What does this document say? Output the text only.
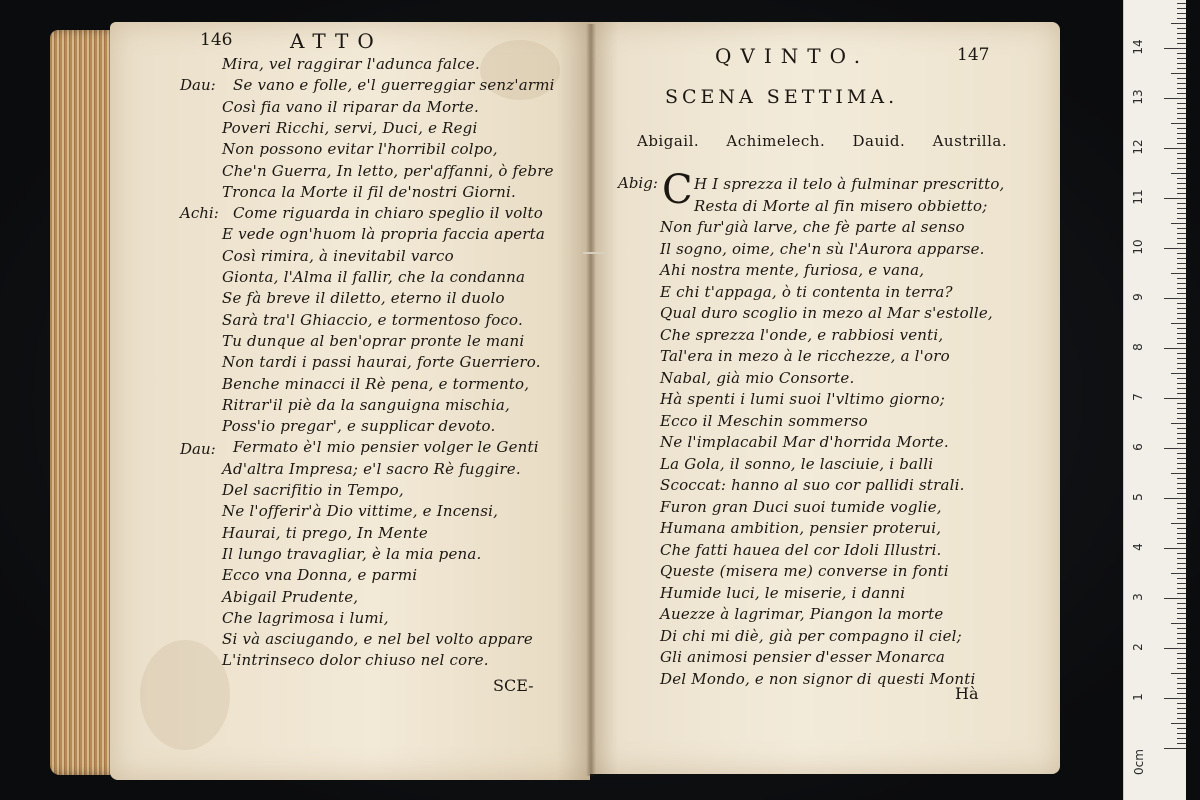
146	ATTO
Dau:
Achi:
Dau:
Mira, vel raggirar l'adunca falce.
Se vano e folle, e'l guerreggiar senz'armi
Così fia vano il riparar da Morte.
Poveri Ricchi, servi, Duci, e Regi
Non possono evitar l'horribil colpo,
Che'n Guerra, In letto, per'affanni, ò febre
Tronca la Morte il fil de'nostri Giorni.
Come riguarda in chiaro speglio il volto
E vede ogn'huom là propria faccia aperta
Così rimira, à inevitabil varco
Gionta, l'Alma il fallir, che la condanna
Se fà breve il diletto, eterno il duolo
Sarà tra'l Ghiaccio, e tormentoso foco.
Tu dunque al ben'oprar pronte le mani
Non tardi i passi haurai, forte Guerriero.
Benche minacci il Rè pena, e tormento,
Ritrar'il piè da la sanguigna mischia,
Poss'io pregar', e supplicar devoto.
Fermato è'l mio pensier volger le Genti
Ad'altra Impresa; e'l sacro Rè fuggire.
Del sacrifitio in Tempo,
Ne l'offerir'à Dio vittime, e Incensi,
Haurai, ti prego, In Mente
Il lungo travagliar, è la mia pena.
Ecco vna Donna, e parmi
Abigail Prudente,
Che lagrimosa i lumi,
Si và asciugando, e nel bel volto appare
L'intrinseco dolor chiuso nel core.
SCE-
QVINTO.	147
SCENA SETTIMA.
Abigail. Achimelech. Dauid. Austrilla.
Abig: C H I sprezza il telo à fulminar prescritto,
Resta di Morte al fin misero obbietto;
Non fur'già larve, che fè parte al senso
Il sogno, oime, che'n sù l'Aurora apparse.
Ahi nostra mente, furiosa, e vana,
E chi t'appaga, ò ti contenta in terra?
Qual duro scoglio in mezo al Mar s'estolle,
Che sprezza l'onde, e rabbiosi venti,
Tal'era in mezo à le ricchezze, a l'oro
Nabal, già mio Consorte.
Hà spenti i lumi suoi l'vltimo giorno;
Ecco il Meschin sommerso
Ne l'implacabil Mar d'horrida Morte.
La Gola, il sonno, le lasciuie, i balli
Scoccat: hanno al suo cor pallidi strali.
Furon gran Duci suoi tumide voglie,
Humana ambition, pensier proterui,
Che fatti hauea del cor Idoli Illustri.
Queste (misera me) converse in fonti
Humide luci, le miserie, i danni
Auezze à lagrimar, Piangon la morte
Di chi mi diè, già per compagno il ciel;
Gli animosi pensier d'esser Monarca
Del Mondo, e non signor di questi Monti
Hà	1
2
3
4
5
6
7
8
9
10
11
12
13
14
0cm
